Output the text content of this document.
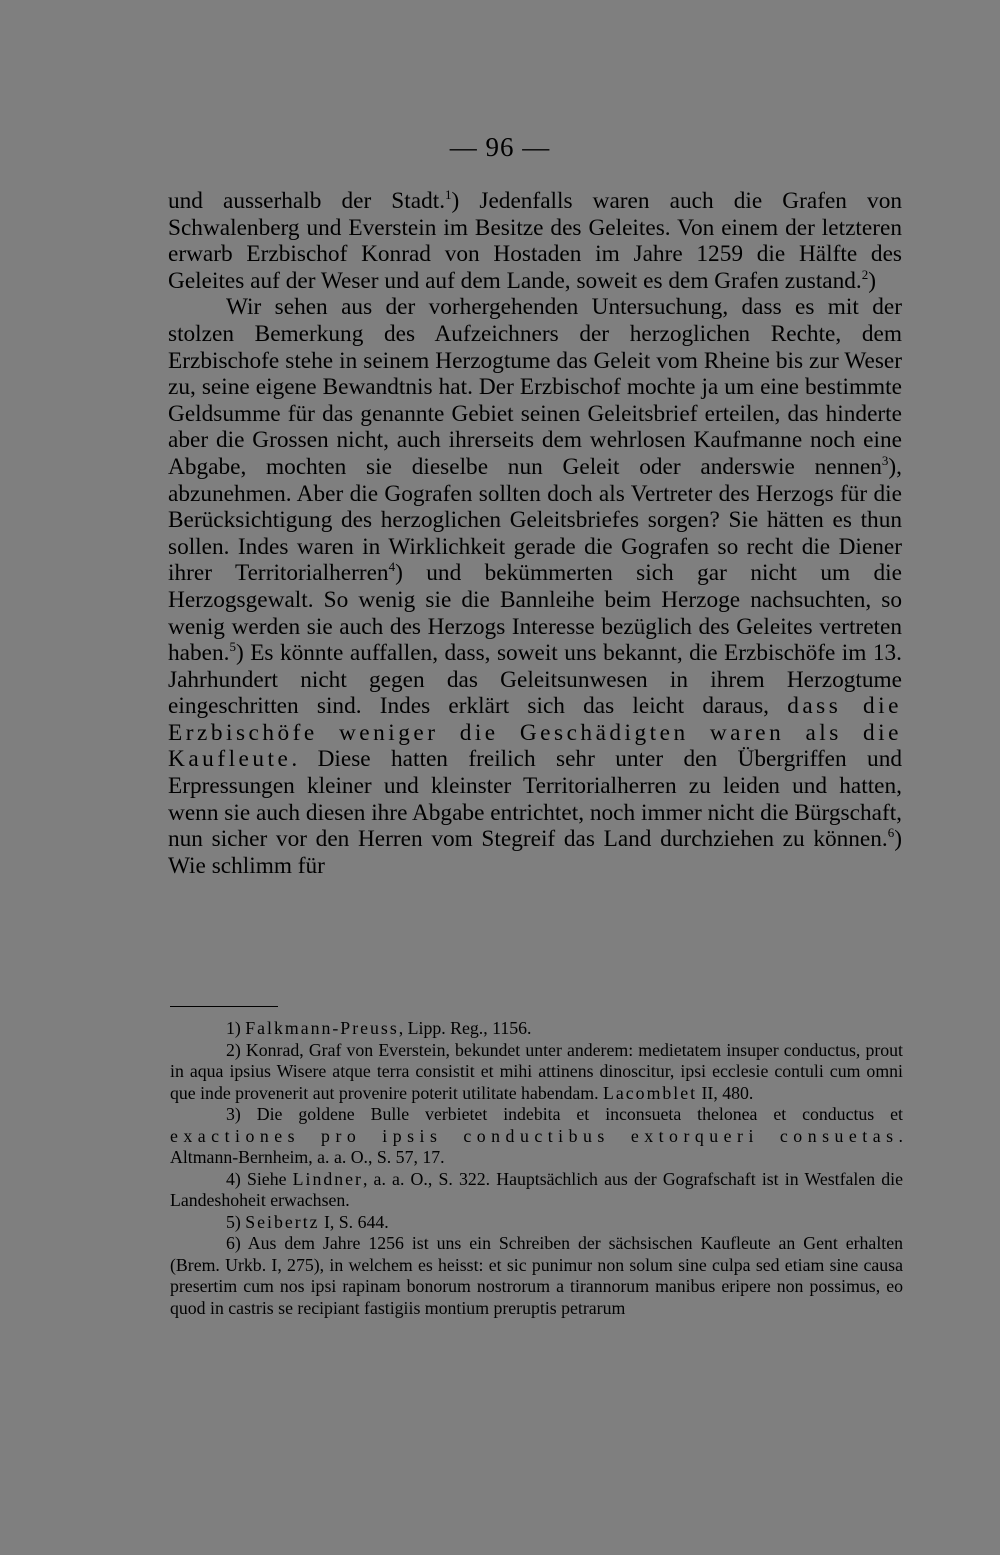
— 96 —

und ausserhalb der Stadt.$^1$) Jedenfalls waren auch die Grafen von Schwalenberg und Everstein im Besitze des Geleites. Von einem der letzteren erwarb Erzbischof Konrad von Hostaden im Jahre 1259 die Hälfte des Geleites auf der Weser und auf dem Lande, soweit es dem Grafen zustand.$^2$)

Wir sehen aus der vorhergehenden Untersuchung, dass es mit der stolzen Bemerkung des Aufzeichners der herzoglichen Rechte, dem Erzbischofe stehe in seinem Herzogtume das Geleit vom Rheine bis zur Weser zu, seine eigene Bewandtnis hat. Der Erzbischof mochte ja um eine bestimmte Geldsumme für das genannte Gebiet seinen Geleitsbrief erteilen, das hinderte aber die Grossen nicht, auch ihrerseits dem wehrlosen Kaufmanne noch eine Abgabe, mochten sie dieselbe nun Geleit oder anderswie nennen$^3$), abzunehmen. Aber die Gografen sollten doch als Vertreter des Herzogs für die Berücksichtigung des herzoglichen Geleitsbriefes sorgen? Sie hätten es thun sollen. Indes waren in Wirklichkeit gerade die Gografen so recht die Diener ihrer Territorialherren$^4$) und bekümmerten sich gar nicht um die Herzogsgewalt. So wenig sie die Bannleihe beim Herzoge nachsuchten, so wenig werden sie auch des Herzogs Interesse bezüglich des Geleites vertreten haben.$^5$) Es könnte auffallen, dass, soweit uns bekannt, die Erzbischöfe im 13. Jahrhundert nicht gegen das Geleitsunwesen in ihrem Herzogtume eingeschritten sind. Indes erklärt sich das leicht daraus, dass die Erzbischöfe weniger die Geschädigten waren als die Kaufleute. Diese hatten freilich sehr unter den Übergriffen und Erpressungen kleiner und kleinster Territorialherren zu leiden und hatten, wenn sie auch diesen ihre Abgabe entrichtet, noch immer nicht die Bürgschaft, nun sicher vor den Herren vom Stegreif das Land durchziehen zu können.$^6$) Wie schlimm für

1) Falkmann-Preuss, Lipp. Reg., 1156.

2) Konrad, Graf von Everstein, bekundet unter anderem: medietatem insuper conductus, prout in aqua ipsius Wisere atque terra consistit et mihi attinens dinoscitur, ipsi ecclesie contuli cum omni que inde provenerit aut provenire poterit utilitate habendam. Lacomblet II, 480.

3) Die goldene Bulle verbietet indebita et inconsueta thelonea et conductus et exactiones pro ipsis conductibus extorqueri consuetas. Altmann-Bernheim, a. a. O., S. 57, 17.

4) Siehe Lindner, a. a. O., S. 322. Hauptsächlich aus der Gografschaft ist in Westfalen die Landeshoheit erwachsen.

5) Seibertz I, S. 644.

6) Aus dem Jahre 1256 ist uns ein Schreiben der sächsischen Kaufleute an Gent erhalten (Brem. Urkb. I, 275), in welchem es heisst: et sic punimur non solum sine culpa sed etiam sine causa presertim cum nos ipsi rapinam bonorum nostrorum a tirannorum manibus eripere non possimus, eo quod in castris se recipiant fastigiis montium preruptis petrarum
